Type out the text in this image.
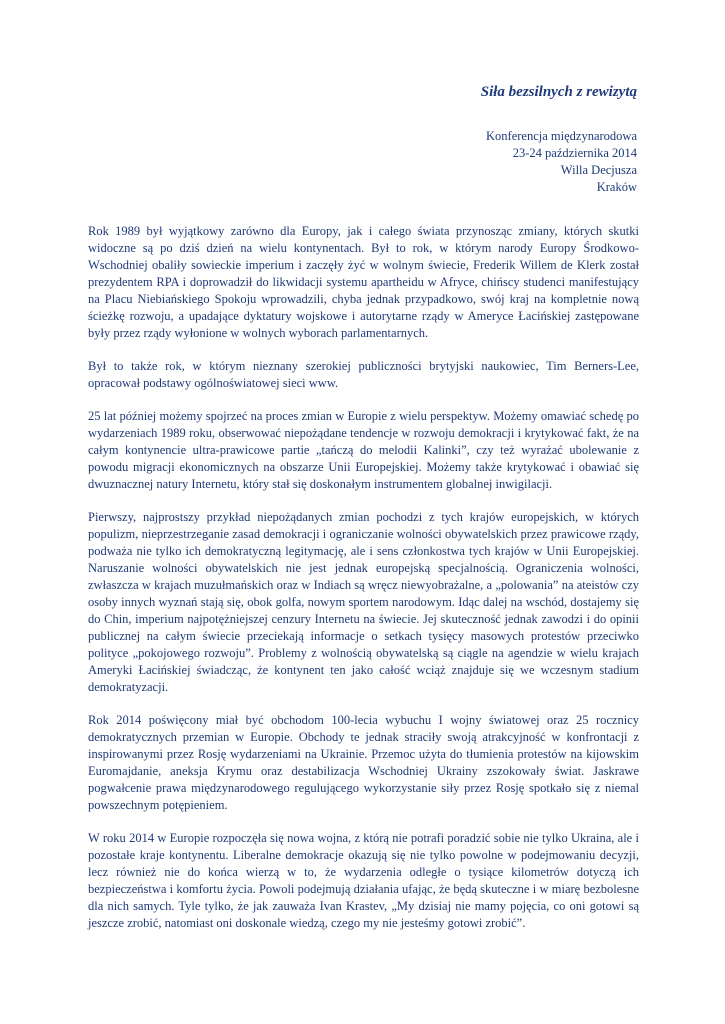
Siła bezsilnych z rewizytą
Konferencja międzynarodowa
23-24 października 2014
Willa Decjusza
Kraków

Rok 1989 był wyjątkowy zarówno dla Europy, jak i całego świata przynosząc zmiany, których skutki widoczne są po dziś dzień na wielu kontynentach. Był to rok, w którym narody Europy Środkowo-Wschodniej obaliły sowieckie imperium i zaczęły żyć w wolnym świecie, Frederik Willem de Klerk został prezydentem RPA i doprowadził do likwidacji systemu apartheidu w Afryce, chińscy studenci manifestujący na Placu Niebiańskiego Spokoju wprowadzili, chyba jednak przypadkowo, swój kraj na kompletnie nową ścieżkę rozwoju, a upadające dyktatury wojskowe i autorytarne rządy w Ameryce Łacińskiej zastępowane były przez rządy wyłonione w wolnych wyborach parlamentarnych.

Był to także rok, w którym nieznany szerokiej publiczności brytyjski naukowiec, Tim Berners-Lee, opracował podstawy ogólnoświatowej sieci www.

25 lat później możemy spojrzeć na proces zmian w Europie z wielu perspektyw. Możemy omawiać schedę po wydarzeniach 1989 roku, obserwować niepożądane tendencje w rozwoju demokracji i krytykować fakt, że na całym kontynencie ultra-prawicowe partie „tańczą do melodii Kalinki”, czy też wyrażać ubolewanie z powodu migracji ekonomicznych na obszarze Unii Europejskiej. Możemy także krytykować i obawiać się dwuznacznej natury Internetu, który stał się doskonałym instrumentem globalnej inwigilacji.

Pierwszy, najprostszy przykład niepożądanych zmian pochodzi z tych krajów europejskich, w których populizm, nieprzestrzeganie zasad demokracji i ograniczanie wolności obywatelskich przez prawicowe rządy, podważa nie tylko ich demokratyczną legitymację, ale i sens członkostwa tych krajów w Unii Europejskiej. Naruszanie wolności obywatelskich nie jest jednak europejską specjalnością. Ograniczenia wolności, zwłaszcza w krajach muzułmańskich oraz w Indiach są wręcz niewyobrażalne, a „polowania” na ateistów czy osoby innych wyznań stają się, obok golfa, nowym sportem narodowym. Idąc dalej na wschód, dostajemy się do Chin, imperium najpotężniejszej cenzury Internetu na świecie. Jej skuteczność jednak zawodzi i do opinii publicznej na całym świecie przeciekają informacje o setkach tysięcy masowych protestów przeciwko polityce „pokojowego rozwoju”. Problemy z wolnością obywatelską są ciągle na agendzie w wielu krajach Ameryki Łacińskiej świadcząc, że kontynent ten jako całość wciąż znajduje się we wczesnym stadium demokratyzacji.

Rok 2014 poświęcony miał być obchodom 100-lecia wybuchu I wojny światowej oraz 25 rocznicy demokratycznych przemian w Europie. Obchody te jednak straciły swoją atrakcyjność w konfrontacji z inspirowanymi przez Rosję wydarzeniami na Ukrainie. Przemoc użyta do tłumienia protestów na kijowskim Euromajdanie, aneksja Krymu oraz destabilizacja Wschodniej Ukrainy zszokowały świat. Jaskrawe pogwałcenie prawa międzynarodowego regulującego wykorzystanie siły przez Rosję spotkało się z niemal powszechnym potępieniem.

W roku 2014 w Europie rozpoczęła się nowa wojna, z którą nie potrafi poradzić sobie nie tylko Ukraina, ale i pozostałe kraje kontynentu. Liberalne demokracje okazują się nie tylko powolne w podejmowaniu decyzji, lecz również nie do końca wierzą w to, że wydarzenia odległe o tysiące kilometrów dotyczą ich bezpieczeństwa i komfortu życia. Powoli podejmują działania ufając, że będą skuteczne i w miarę bezbolesne dla nich samych. Tyle tylko, że jak zauważa Ivan Krastev, „My dzisiaj nie mamy pojęcia, co oni gotowi są jeszcze zrobić, natomiast oni doskonale wiedzą, czego my nie jesteśmy gotowi zrobić”.
